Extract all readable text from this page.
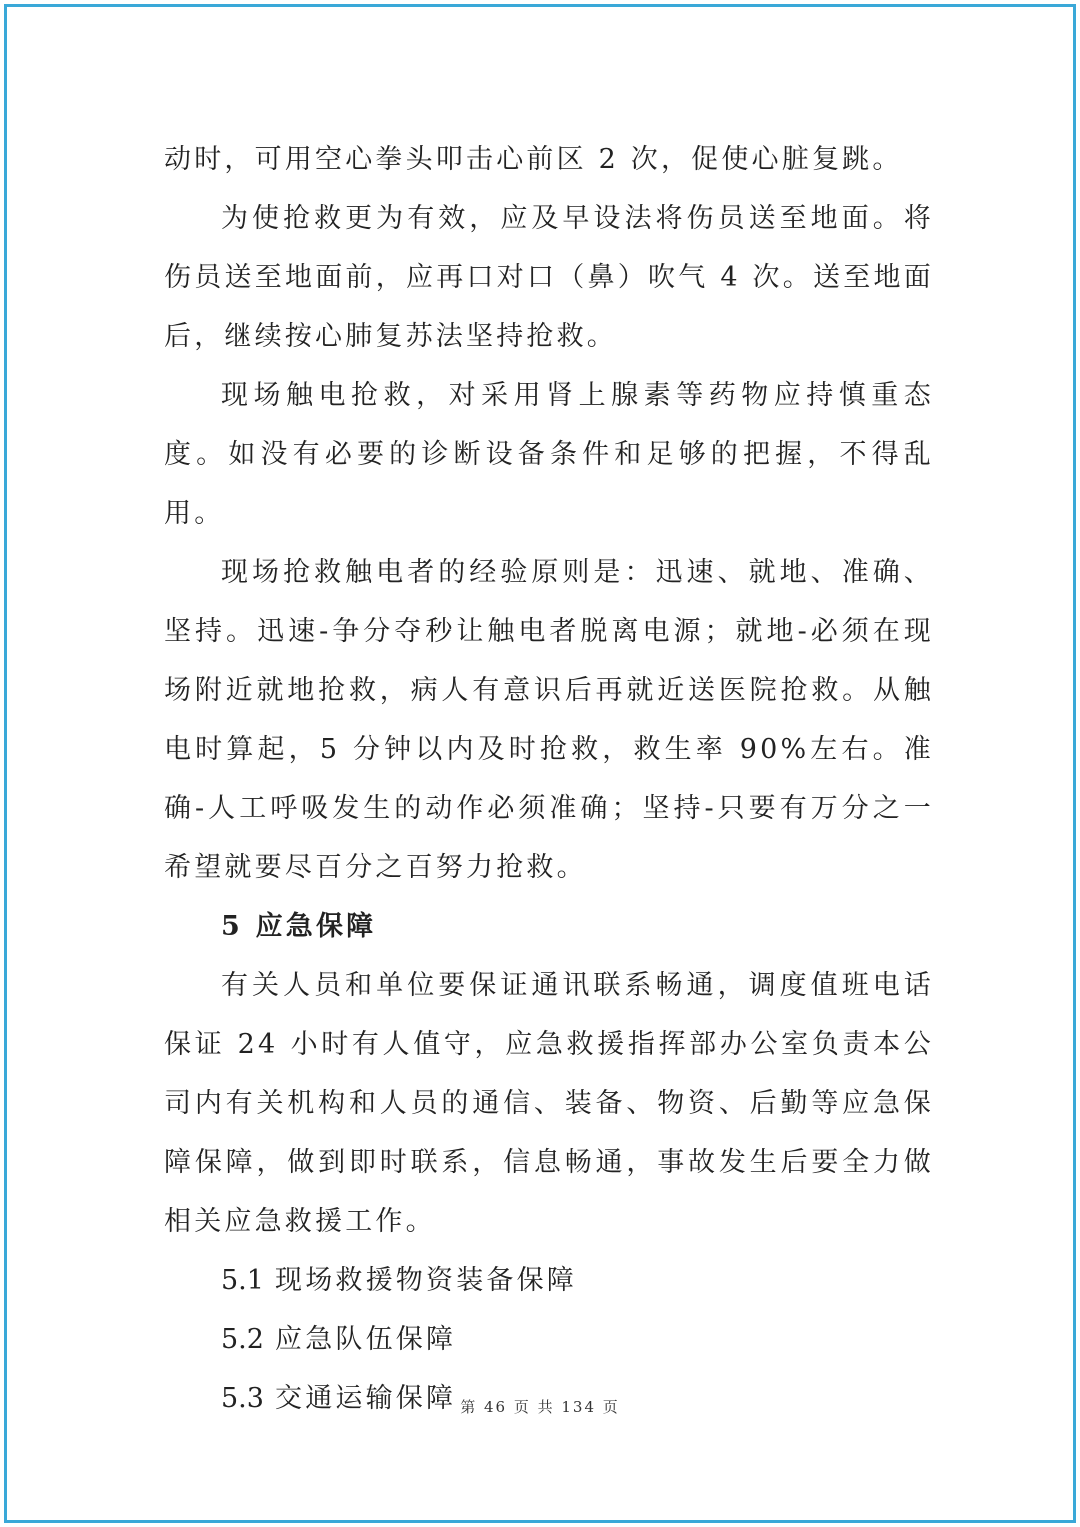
动时，可用空心拳头叩击心前区 2 次，促使心脏复跳。

为使抢救更为有效，应及早设法将伤员送至地面。将伤员送至地面前，应再口对口（鼻）吹气 4 次。送至地面后，继续按心肺复苏法坚持抢救。

现场触电抢救，对采用肾上腺素等药物应持慎重态度。如没有必要的诊断设备条件和足够的把握，不得乱用。

现场抢救触电者的经验原则是：迅速、就地、准确、坚持。迅速-争分夺秒让触电者脱离电源；就地-必须在现场附近就地抢救，病人有意识后再就近送医院抢救。从触电时算起，5 分钟以内及时抢救，救生率 90%左右。准确-人工呼吸发生的动作必须准确；坚持-只要有万分之一希望就要尽百分之百努力抢救。

5 应急保障

有关人员和单位要保证通讯联系畅通，调度值班电话保证 24 小时有人值守，应急救援指挥部办公室负责本公司内有关机构和人员的通信、装备、物资、后勤等应急保障保障，做到即时联系，信息畅通，事故发生后要全力做相关应急救援工作。

5.1 现场救援物资装备保障

5.2 应急队伍保障

5.3 交通运输保障 第 46 页 共 134 页
